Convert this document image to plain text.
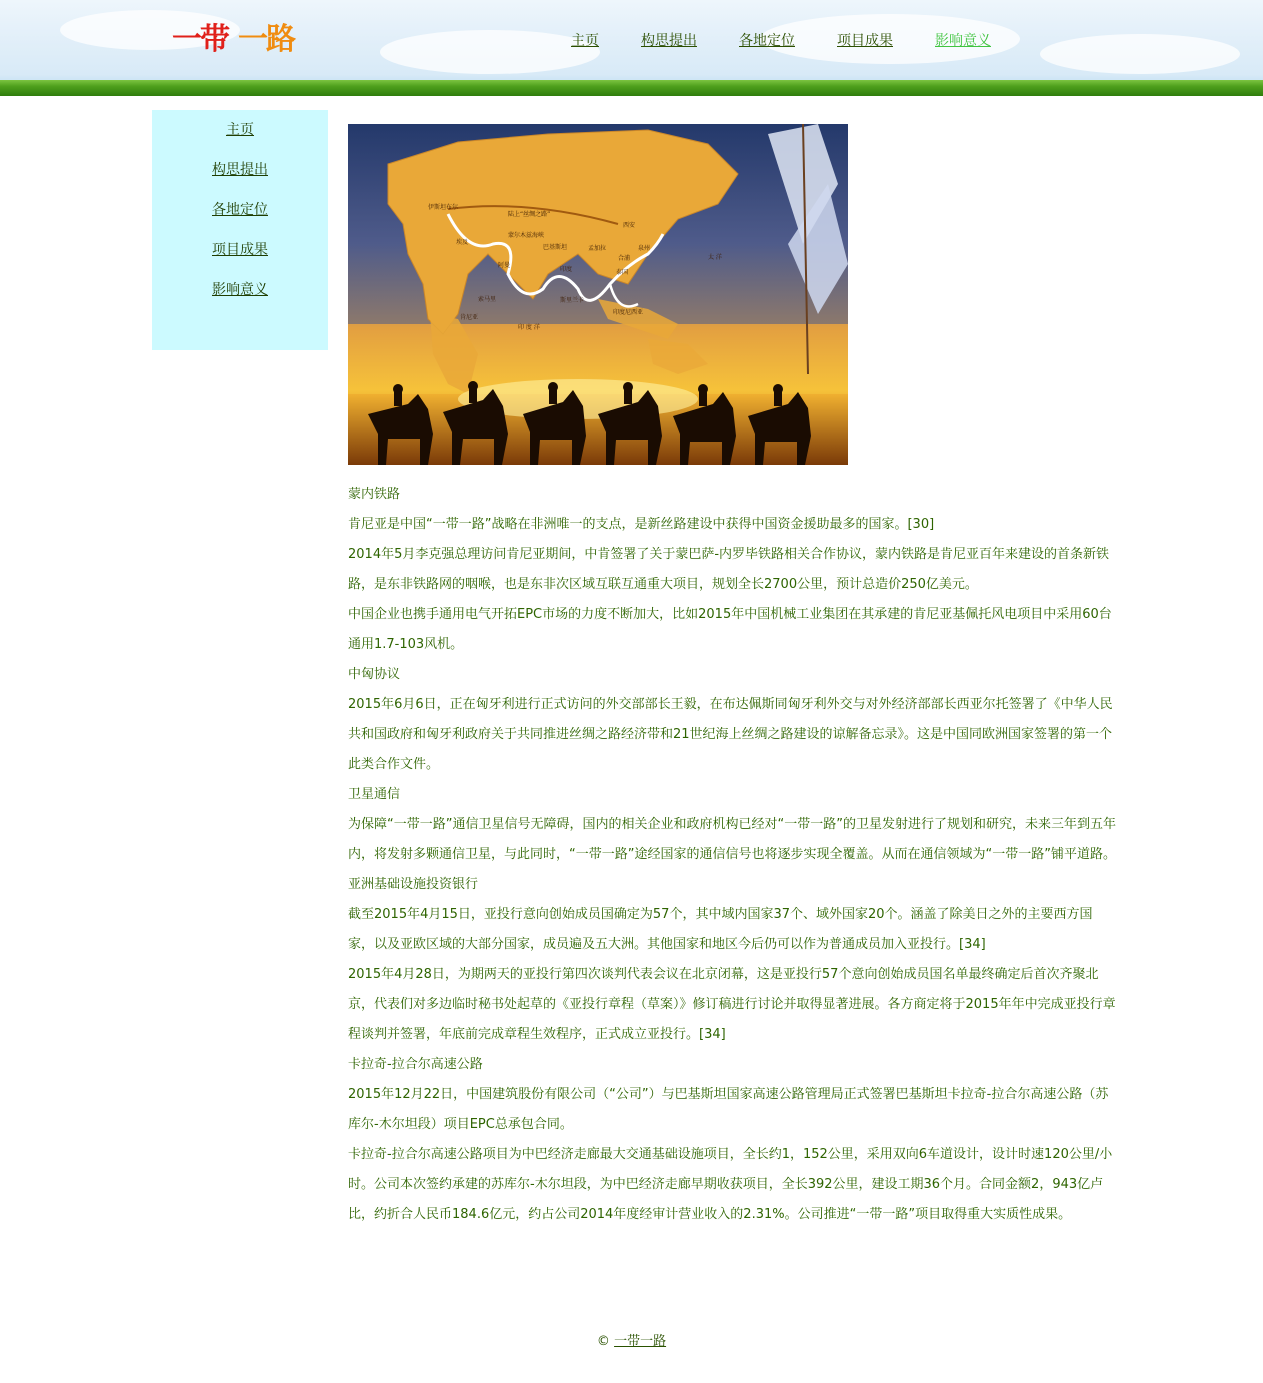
一带 一路	主页	构思提出	各地定位	项目成果	影响意义
主页
构思提出
各地定位
项目成果
影响意义
陆上“丝绸之路”
西安
蒙尔木兹海峡
巴基斯坦	孟加拉	泉州
埃及
阿曼
印度
索马里	斯里兰卡
肯尼亚
印度尼西亚
泰国
合浦	太 洋
印 度 洋
伊斯坦布尔

蒙内铁路

肯尼亚是中国“一带一路”战略在非洲唯一的支点，是新丝路建设中获得中国资金援助最多的国家。[30]

2014年5月李克强总理访问肯尼亚期间，中肯签署了关于蒙巴萨-内罗毕铁路相关合作协议，蒙内铁路是肯尼亚百年来建设的首条新铁路，是东非铁路网的咽喉，也是东非次区域互联互通重大项目，规划全长2700公里，预计总造价250亿美元。

中国企业也携手通用电气开拓EPC市场的力度不断加大，比如2015年中国机械工业集团在其承建的肯尼亚基佩托风电项目中采用60台通用1.7-103风机。

中匈协议

2015年6月6日，正在匈牙利进行正式访问的外交部部长王毅，在布达佩斯同匈牙利外交与对外经济部部长西亚尔托签署了《中华人民共和国政府和匈牙利政府关于共同推进丝绸之路经济带和21世纪海上丝绸之路建设的谅解备忘录》。这是中国同欧洲国家签署的第一个此类合作文件。

卫星通信

为保障“一带一路”通信卫星信号无障碍，国内的相关企业和政府机构已经对“一带一路”的卫星发射进行了规划和研究，未来三年到五年内，将发射多颗通信卫星，与此同时，“一带一路”途经国家的通信信号也将逐步实现全覆盖。从而在通信领域为“一带一路”铺平道路。

亚洲基础设施投资银行

截至2015年4月15日，亚投行意向创始成员国确定为57个，其中域内国家37个、域外国家20个。涵盖了除美日之外的主要西方国家，以及亚欧区域的大部分国家，成员遍及五大洲。其他国家和地区今后仍可以作为普通成员加入亚投行。[34]

2015年4月28日，为期两天的亚投行第四次谈判代表会议在北京闭幕，这是亚投行57个意向创始成员国名单最终确定后首次齐聚北京，代表们对多边临时秘书处起草的《亚投行章程（草案）》修订稿进行讨论并取得显著进展。各方商定将于2015年年中完成亚投行章程谈判并签署，年底前完成章程生效程序，正式成立亚投行。[34]

卡拉奇-拉合尔高速公路

2015年12月22日，中国建筑股份有限公司（“公司”）与巴基斯坦国家高速公路管理局正式签署巴基斯坦卡拉奇-拉合尔高速公路（苏库尔-木尔坦段）项目EPC总承包合同。

卡拉奇-拉合尔高速公路项目为中巴经济走廊最大交通基础设施项目，全长约1，152公里，采用双向6车道设计，设计时速120公里/小时。公司本次签约承建的苏库尔-木尔坦段，为中巴经济走廊早期收获项目，全长392公里，建设工期36个月。合同金额2，943亿卢比，约折合人民币184.6亿元，约占公司2014年度经审计营业收入的2.31%。公司推进“一带一路”项目取得重大实质性成果。

© 一带一路
